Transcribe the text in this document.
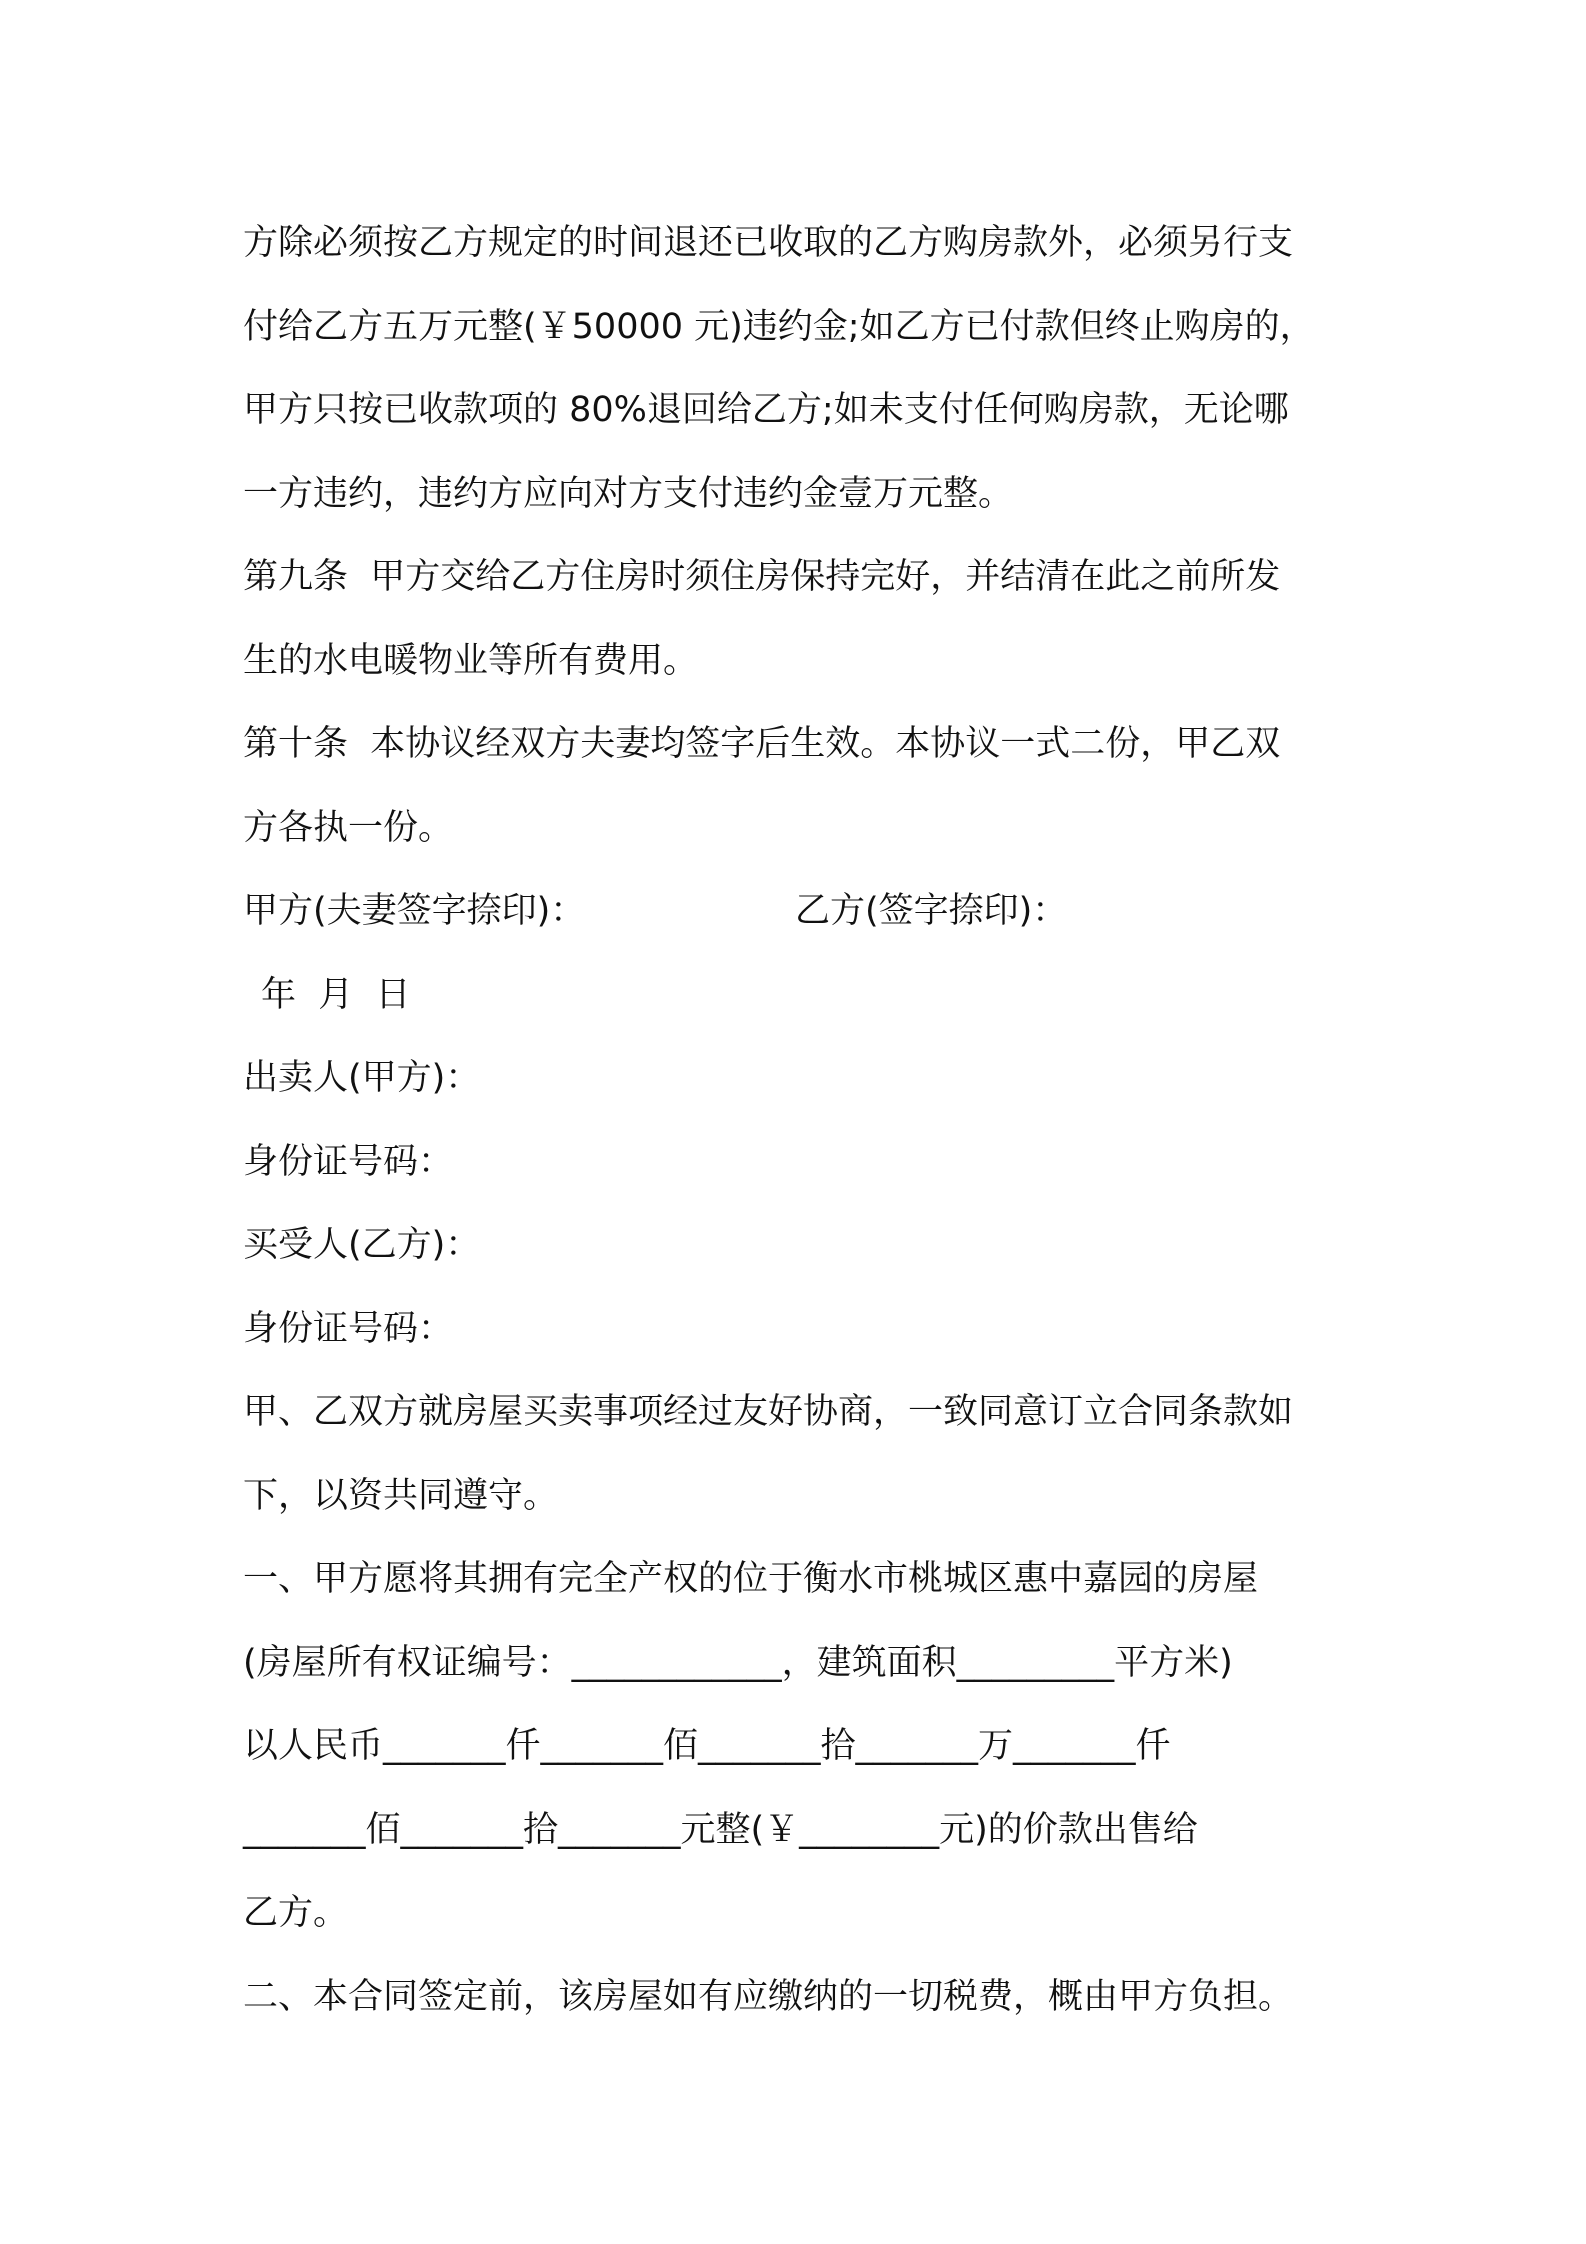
方除必须按乙方规定的时间退还已收取的乙方购房款外，必须另行支
付给乙方五万元整(￥50000 元)违约金;如乙方已付款但终止购房的，
甲方只按已收款项的 80%退回给乙方;如未支付任何购房款，无论哪
一方违约，违约方应向对方支付违约金壹万元整。
第九条  甲方交给乙方住房时须住房保持完好，并结清在此之前所发
生的水电暖物业等所有费用。
第十条  本协议经双方夫妻均签字后生效。本协议一式二份，甲乙双
方各执一份。
甲方(夫妻签字捺印)：	乙方(签字捺印)：
年  月  日
出卖人(甲方)：
身份证号码：
买受人(乙方)：
身份证号码：
甲、乙双方就房屋买卖事项经过友好协商，一致同意订立合同条款如
下，以资共同遵守。
一、甲方愿将其拥有完全产权的位于衡水市桃城区惠中嘉园的房屋
(房屋所有权证编号：____________，建筑面积_________平方米)
以人民币_______仟_______佰_______拾_______万_______仟
_______佰_______拾_______元整(￥________元)的价款出售给
乙方。
二、本合同签定前，该房屋如有应缴纳的一切税费，概由甲方负担。
